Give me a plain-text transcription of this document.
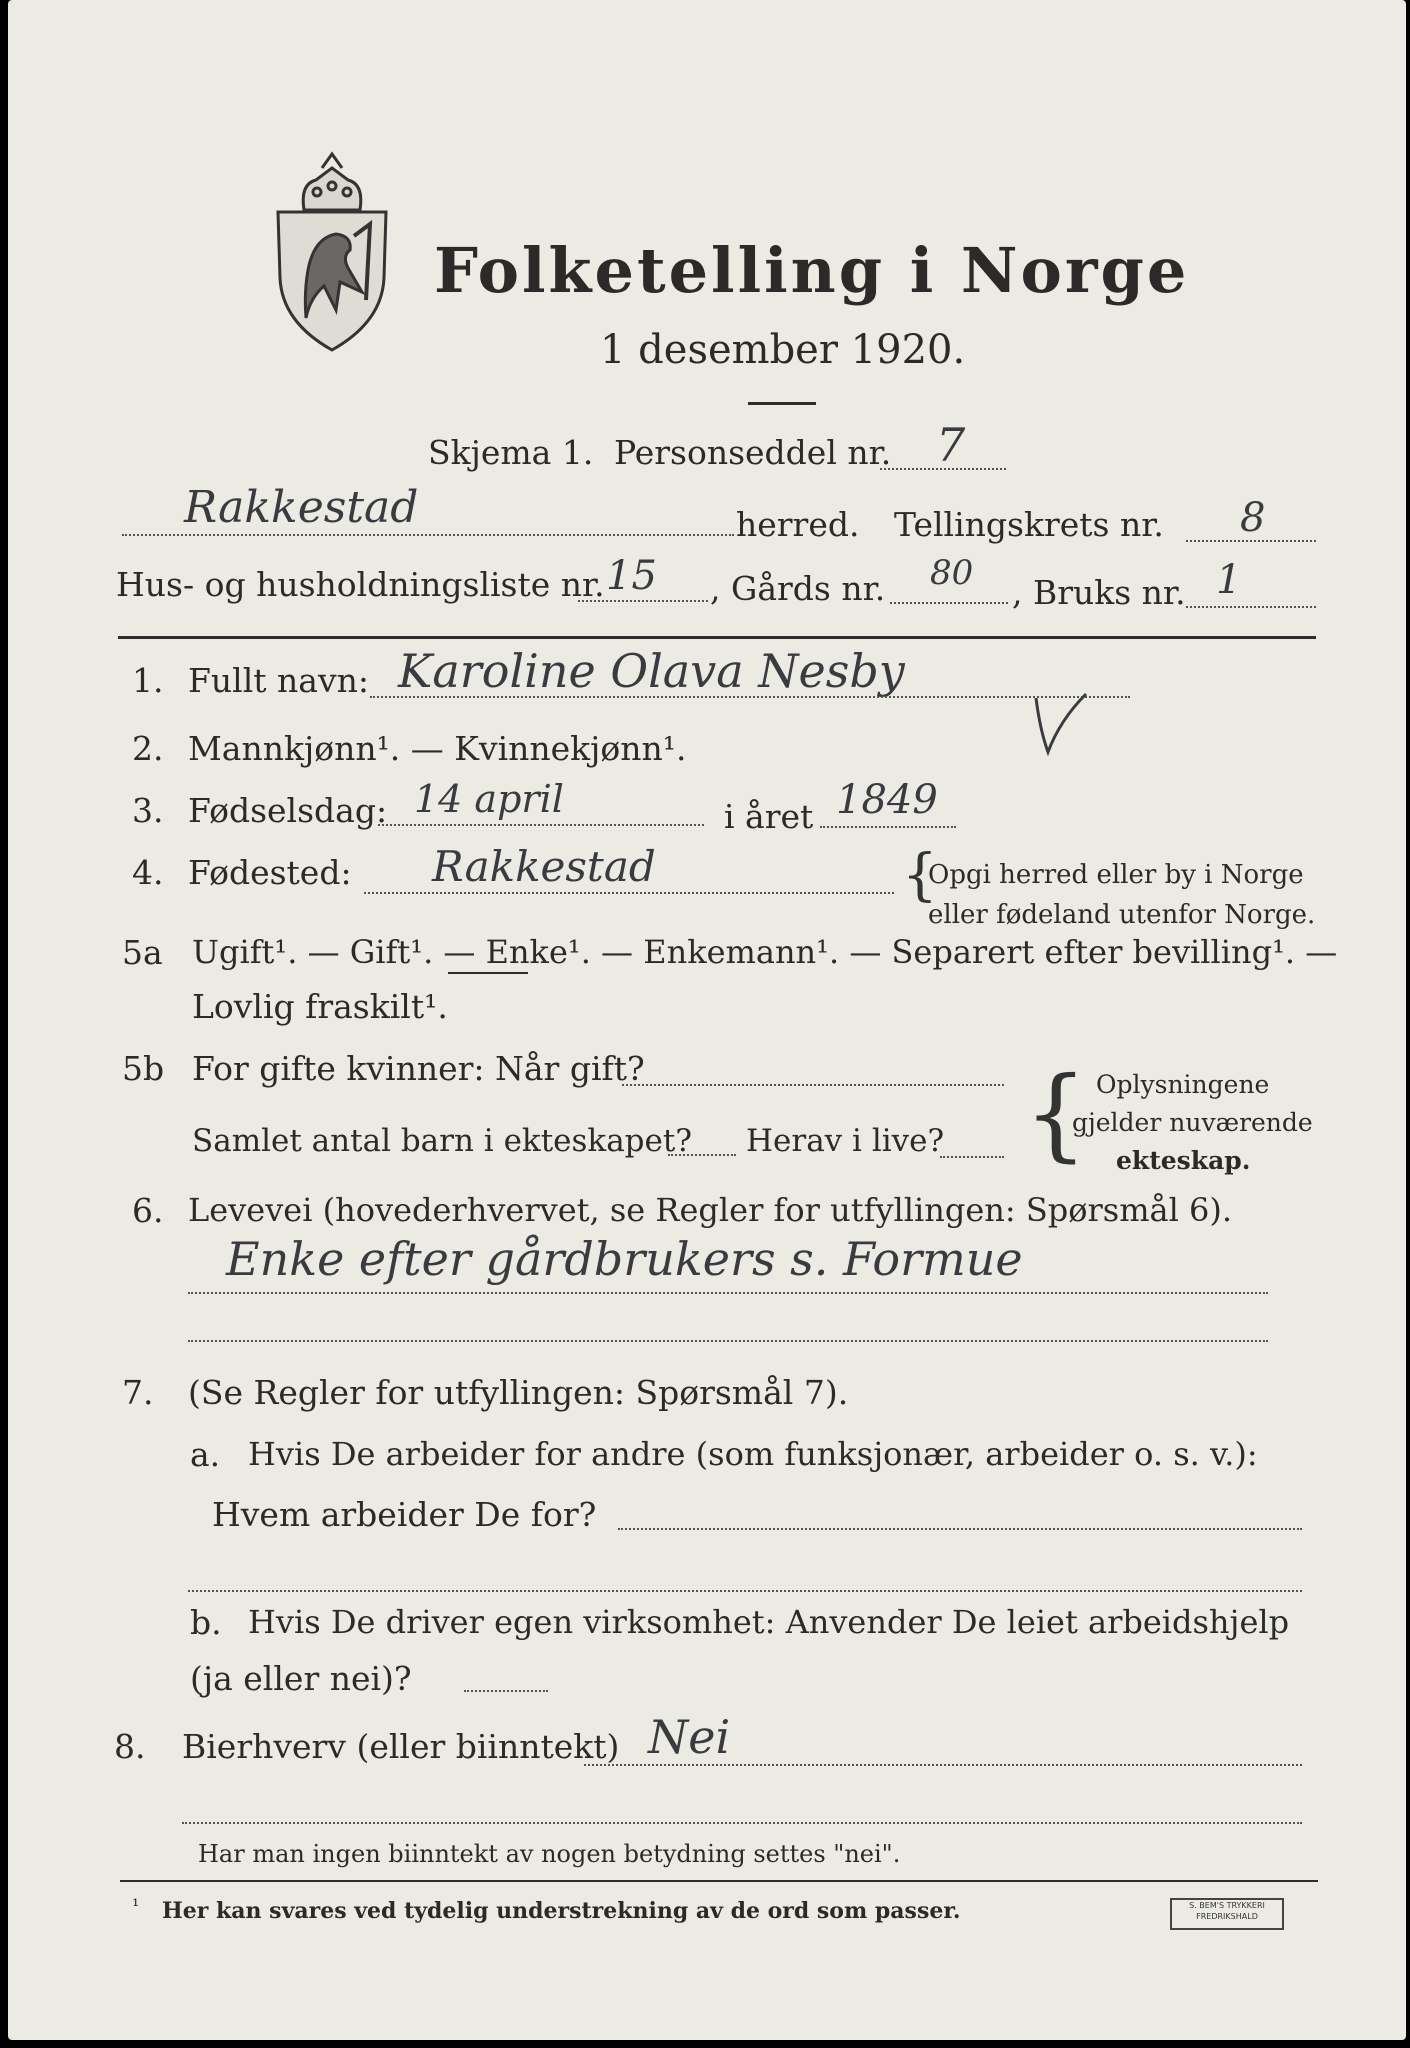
Folketelling i Norge
1 desember 1920.
Skjema 1. Personseddel nr. 7
Rakkestad	herred. Tellingskrets nr. 8
Hus- og husholdningsliste nr. 15 , Gårds nr. 80 , Bruks nr. 1
1. Fullt navn: Karoline Olava Nesby
2. Mannkjønn¹. — Kvinnekjønn¹.
3. Fødselsdag: 14 april	i året 1849
4. Fødested: Rakkestad	{
Opgi herred eller by i Norge
eller fødeland utenfor Norge.
5a Ugift¹. — Gift¹. — Enke¹. — Enkemann¹. — Separert efter bevilling¹. —
Lovlig fraskilt¹.
5b For gifte kvinner: Når gift?
Samlet antal barn i ekteskapet? Herav i live? { Oplysningene
gjelder nuværende
ekteskap.
6. Levevei (hovederhvervet, se Regler for utfyllingen: Spørsmål 6).
Enke efter gårdbrukers s. Formue
7. (Se Regler for utfyllingen: Spørsmål 7).
a. Hvis De arbeider for andre (som funksjonær, arbeider o. s. v.):
Hvem arbeider De for?
b. Hvis De driver egen virksomhet: Anvender De leiet arbeidshjelp
(ja eller nei)?
8. Bierhverv (eller biinntekt) Nei
Har man ingen biinntekt av nogen betydning settes "nei".
¹ Her kan svares ved tydelig understrekning av de ord som passer.	S. BEM'S TRYKKERI
FREDRIKSHALD
